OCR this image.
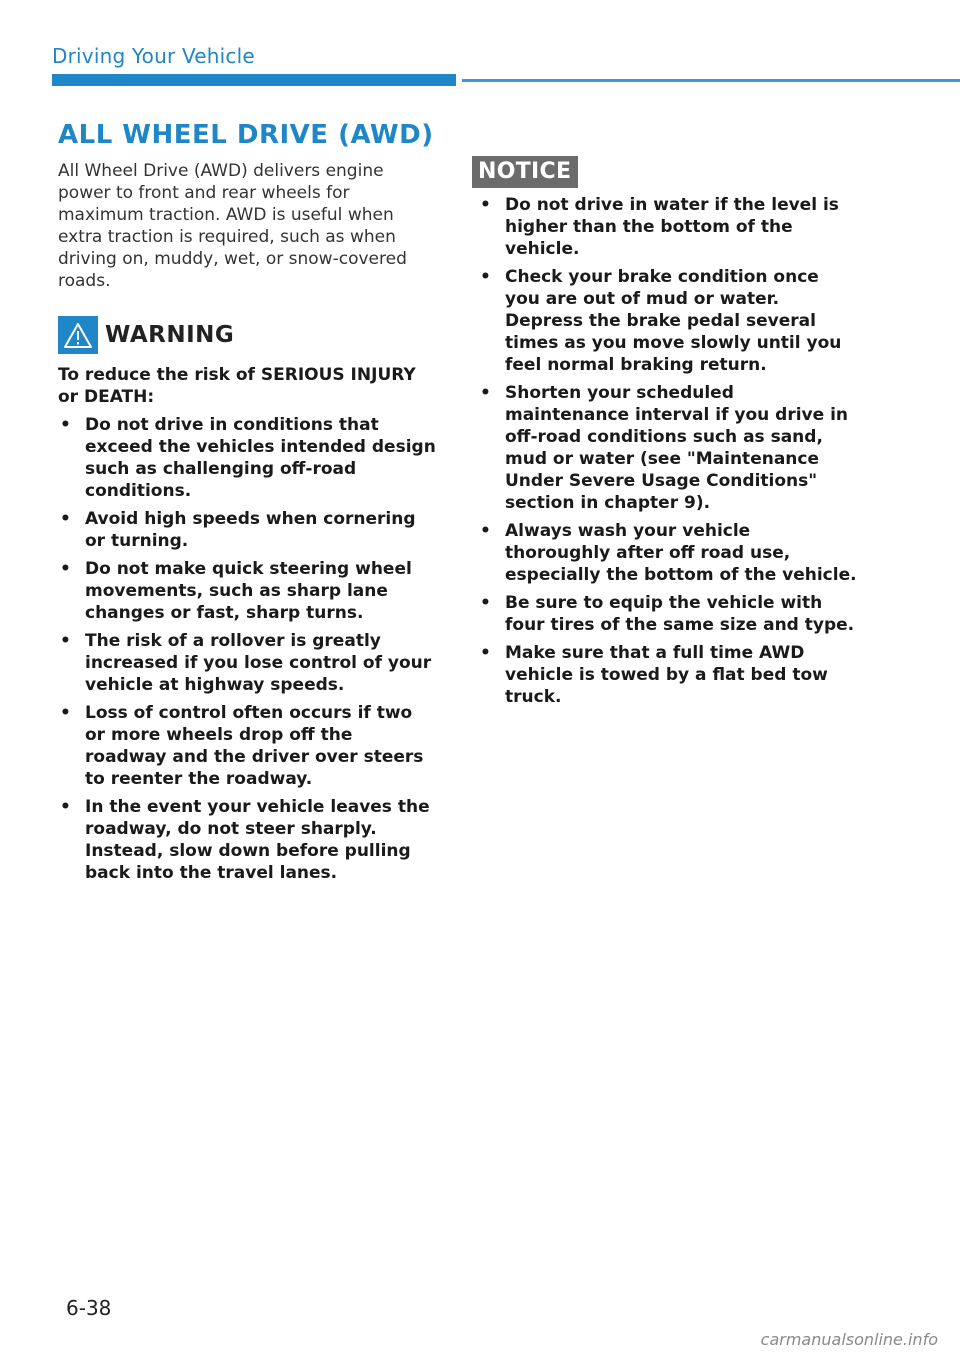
Driving Your Vehicle
ALL WHEEL DRIVE (AWD)

All Wheel Drive (AWD) delivers engine power to front and rear wheels for maximum traction. AWD is useful when extra traction is required, such as when driving on, muddy, wet, or snow-covered roads.

WARNING

To reduce the risk of SERIOUS INJURY or DEATH:

• Do not drive in conditions that exceed the vehicles intended design such as challenging off-road conditions.
• Avoid high speeds when cornering or turning.
• Do not make quick steering wheel movements, such as sharp lane changes or fast, sharp turns.
• The risk of a rollover is greatly increased if you lose control of your vehicle at highway speeds.
• Loss of control often occurs if two or more wheels drop off the roadway and the driver over steers to reenter the roadway.
• In the event your vehicle leaves the roadway, do not steer sharply. Instead, slow down before pulling back into the travel lanes.
NOTICE
• Do not drive in water if the level is higher than the bottom of the vehicle.
• Check your brake condition once you are out of mud or water. Depress the brake pedal several times as you move slowly until you feel normal braking return.
• Shorten your scheduled maintenance interval if you drive in off-road conditions such as sand, mud or water (see "Maintenance Under Severe Usage Conditions" section in chapter 9).
• Always wash your vehicle thoroughly after off road use, especially the bottom of the vehicle.
• Be sure to equip the vehicle with four tires of the same size and type.
• Make sure that a full time AWD vehicle is towed by a flat bed tow truck.
6-38
carmanualsonline.info
